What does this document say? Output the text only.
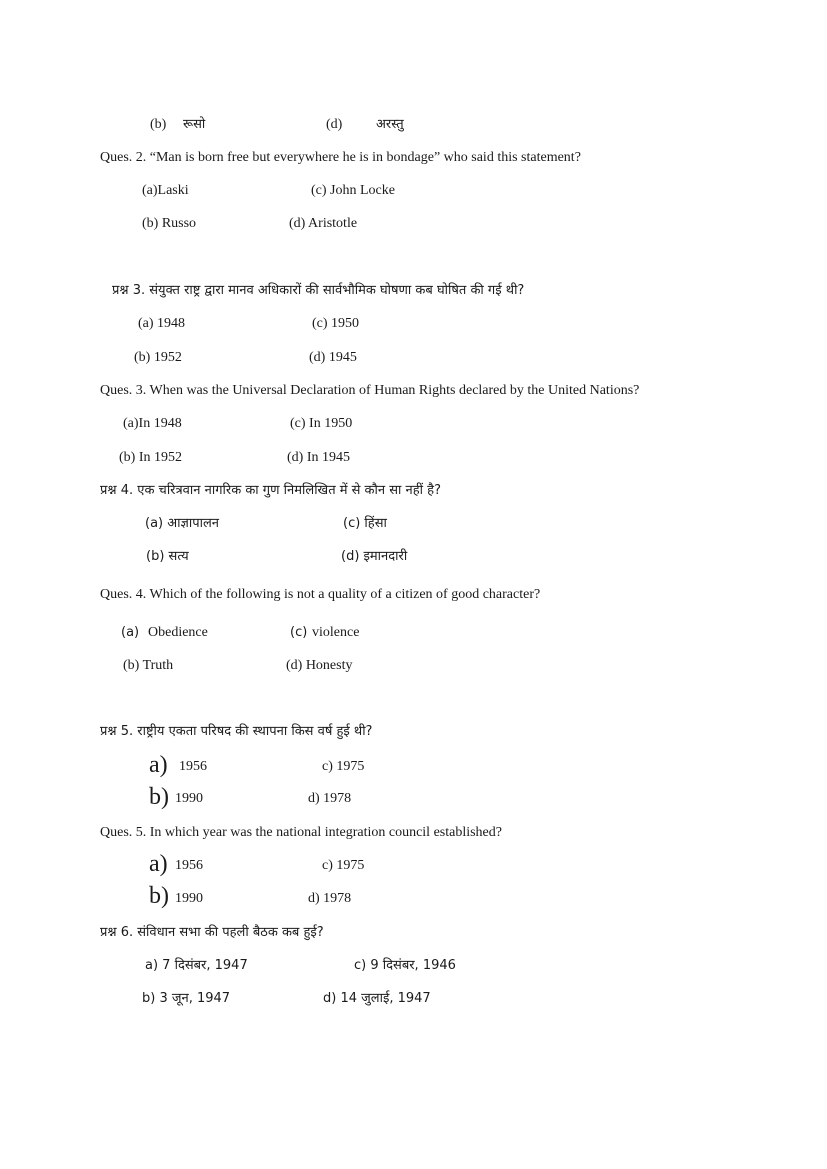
(b) रूसो	(d)	अरस्तु
Ques. 2. “Man is born free but everywhere he is in bondage” who said this statement?
(a)Laski	(c) John Locke
(b) Russo	(d) Aristotle
प्रश्न 3. संयुक्त राष्ट्र द्वारा मानव अधिकारों की सार्वभौमिक घोषणा कब घोषित की गई थी?
(a) 1948	(c) 1950
(b) 1952	(d) 1945
Ques. 3. When was the Universal Declaration of Human Rights declared by the United Nations?
(a)In 1948	(c) In 1950
(b) In 1952	(d) In 1945
प्रश्न 4. एक चरित्रवान नागरिक का गुण निमलिखित में से कौन सा नहीं है?
(a) आज्ञापालन	(c) हिंसा
(b) सत्य	(d) इमानदारी
Ques. 4. Which of the following is not a quality of a citizen of good character?
(a) Obedience	(c) violence
(b) Truth	(d) Honesty
प्रश्न 5. राष्ट्रीय एकता परिषद की स्थापना किस वर्ष हुई थी?
a) 1956	c) 1975
b) 1990	d) 1978
Ques. 5. In which year was the national integration council established?
a) 1956	c) 1975
b) 1990	d) 1978
प्रश्न 6. संविधान सभा की पहली बैठक कब हुई?
a) 7 दिसंबर, 1947	c) 9 दिसंबर, 1946
b) 3 जून, 1947	d) 14 जुलाई, 1947
